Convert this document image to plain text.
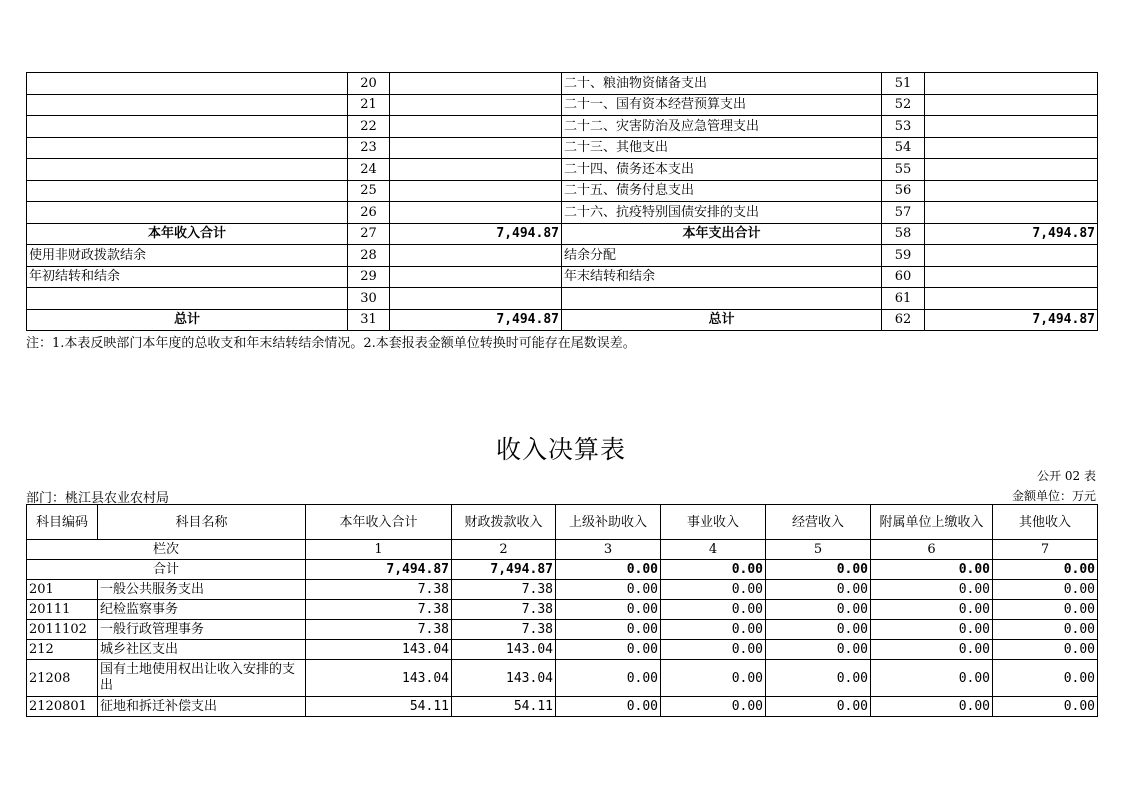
	20		二十、粮油物资储备支出	51	
	21		二十一、国有资本经营预算支出	52	
	22		二十二、灾害防治及应急管理支出	53	
	23		二十三、其他支出	54	
	24		二十四、债务还本支出	55	
	25		二十五、债务付息支出	56	
	26		二十六、抗疫特别国债安排的支出	57	
本年收入合计	27	7,494.87	本年支出合计	58	7,494.87
使用非财政拨款结余	28		结余分配	59	
年初结转和结余	29		年末结转和结余	60	
	30			61	
总计	31	7,494.87	总计	62	7,494.87
注：1.本表反映部门本年度的总收支和年末结转结余情况。2.本套报表金额单位转换时可能存在尾数误差。
收入决算表
公开 02 表
部门：桃江县农业农村局	金额单位：万元
科目编码	科目名称	本年收入合计	财政拨款收入	上级补助收入	事业收入	经营收入	附属单位上缴收入	其他收入
栏次		1	2	3	4	5	6	7
合计		7,494.87	7,494.87	0.00	0.00	0.00	0.00	0.00
201	一般公共服务支出	7.38	7.38	0.00	0.00	0.00	0.00	0.00
20111	纪检监察事务	7.38	7.38	0.00	0.00	0.00	0.00	0.00
2011102	一般行政管理事务	7.38	7.38	0.00	0.00	0.00	0.00	0.00
212	城乡社区支出	143.04	143.04	0.00	0.00	0.00	0.00	0.00
21208	国有土地使用权出让收入安排的支出	143.04	143.04	0.00	0.00	0.00	0.00	0.00
2120801	征地和拆迁补偿支出	54.11	54.11	0.00	0.00	0.00	0.00	0.00
